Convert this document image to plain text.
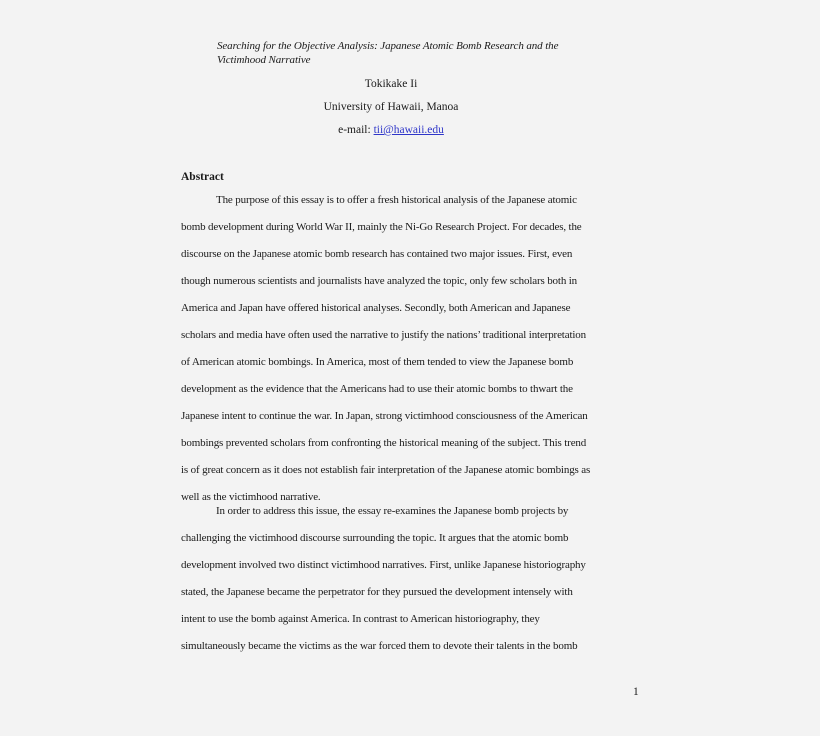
Searching for the Objective Analysis: Japanese Atomic Bomb Research and the
Victimhood Narrative
Tokikake Ii
University of Hawaii, Manoa
e-mail: tii@hawaii.edu
Abstract
The purpose of this essay is to offer a fresh historical analysis of the Japanese atomic
bomb development during World War II, mainly the Ni-Go Research Project. For decades, the
discourse on the Japanese atomic bomb research has contained two major issues. First, even
though numerous scientists and journalists have analyzed the topic, only few scholars both in
America and Japan have offered historical analyses. Secondly, both American and Japanese
scholars and media have often used the narrative to justify the nations’ traditional interpretation
of American atomic bombings. In America, most of them tended to view the Japanese bomb
development as the evidence that the Americans had to use their atomic bombs to thwart the
Japanese intent to continue the war. In Japan, strong victimhood consciousness of the American
bombings prevented scholars from confronting the historical meaning of the subject. This trend
is of great concern as it does not establish fair interpretation of the Japanese atomic bombings as
well as the victimhood narrative.
In order to address this issue, the essay re-examines the Japanese bomb projects by
challenging the victimhood discourse surrounding the topic. It argues that the atomic bomb
development involved two distinct victimhood narratives. First, unlike Japanese historiography
stated, the Japanese became the perpetrator for they pursued the development intensely with
intent to use the bomb against America. In contrast to American historiography, they
simultaneously became the victims as the war forced them to devote their talents in the bomb
1
